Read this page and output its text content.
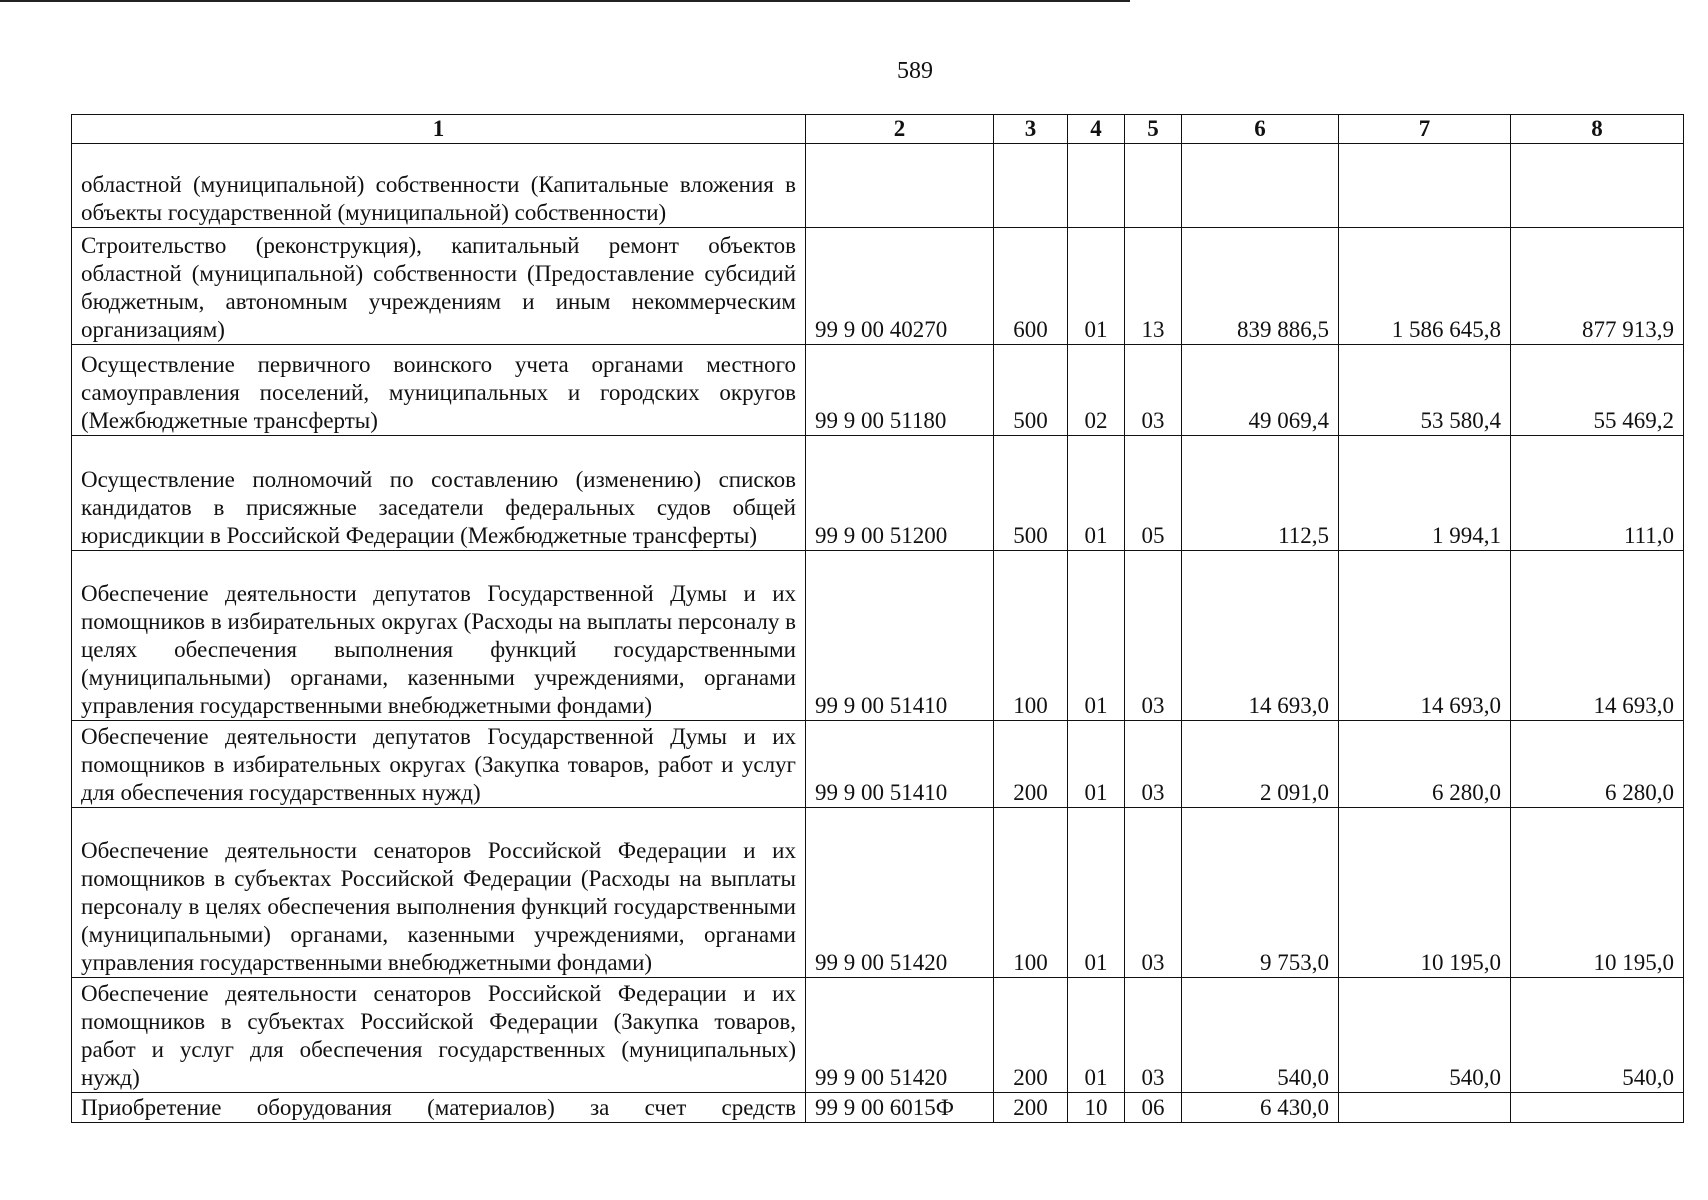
589
1	2	3	4	5	6	7	8
областной (муниципальной) собственности (Капитальные вложения в объекты государственной (муниципальной) собственности)							
Строительство (реконструкция), капитальный ремонт объектов областной (муниципальной) собственности (Предоставление субсидий бюджетным, автономным учреждениям и иным некоммерческим организациям)	99 9 00 40270	600	01	13	839 886,5	1 586 645,8	877 913,9
Осуществление первичного воинского учета органами местного самоуправления поселений, муниципальных и городских округов (Межбюджетные трансферты)	99 9 00 51180	500	02	03	49 069,4	53 580,4	55 469,2
Осуществление полномочий по составлению (изменению) списков кандидатов в присяжные заседатели федеральных судов общей юрисдикции в Российской Федерации (Межбюджетные трансферты)	99 9 00 51200	500	01	05	112,5	1 994,1	111,0
Обеспечение деятельности депутатов Государственной Думы и их помощников в избирательных округах (Расходы на выплаты персоналу в целях обеспечения выполнения функций государственными (муниципальными) органами, казенными учреждениями, органами управления государственными внебюджетными фондами)	99 9 00 51410	100	01	03	14 693,0	14 693,0	14 693,0
Обеспечение деятельности депутатов Государственной Думы и их помощников в избирательных округах (Закупка товаров, работ и услуг для обеспечения государственных нужд)	99 9 00 51410	200	01	03	2 091,0	6 280,0	6 280,0
Обеспечение деятельности сенаторов Российской Федерации и их помощников в субъектах Российской Федерации (Расходы на выплаты персоналу в целях обеспечения выполнения функций государственными (муниципальными) органами, казенными учреждениями, органами управления государственными внебюджетными фондами)	99 9 00 51420	100	01	03	9 753,0	10 195,0	10 195,0
Обеспечение деятельности сенаторов Российской Федерации и их помощников в субъектах Российской Федерации (Закупка товаров, работ и услуг для обеспечения государственных (муниципальных) нужд)	99 9 00 51420	200	01	03	540,0	540,0	540,0
Приобретение оборудования (материалов) за счет средств	99 9 00 6015Ф	200	10	06	6 430,0		
